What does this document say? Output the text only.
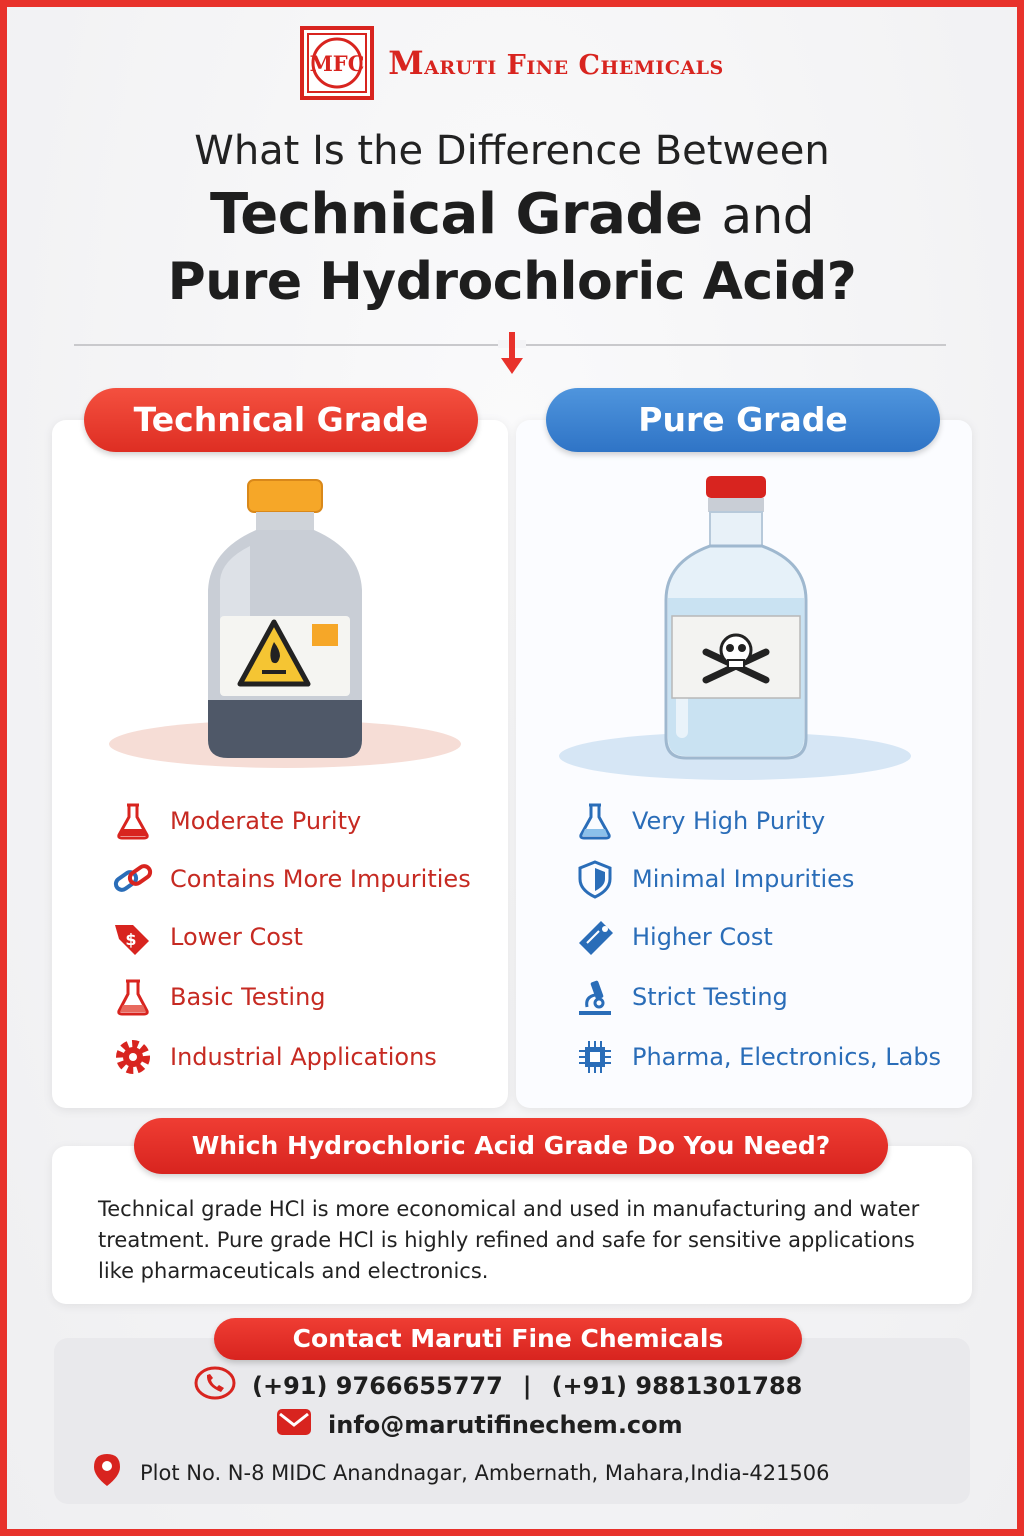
MFC Maruti Fine Chemicals
What Is the Difference Between
Technical Grade and
Pure Hydrochloric Acid?
Technical Grade	Pure Grade
Moderate Purity
Contains More Impurities
$ Lower Cost
Basic Testing
Industrial Applications
Very High Purity
Minimal Impurities
Higher Cost
Strict Testing
Pharma, Electronics, Labs
Which Hydrochloric Acid Grade Do You Need?
Technical grade HCl is more economical and used in manufacturing and water treatment. Pure grade HCl is highly refined and safe for sensitive applications like pharmaceuticals and electronics.
Contact Maruti Fine Chemicals
(+91) 9766655777 | (+91) 9881301788
info@marutifinechem.com
Plot No. N-8 MIDC Anandnagar, Ambernath, Mahara,India-421506
